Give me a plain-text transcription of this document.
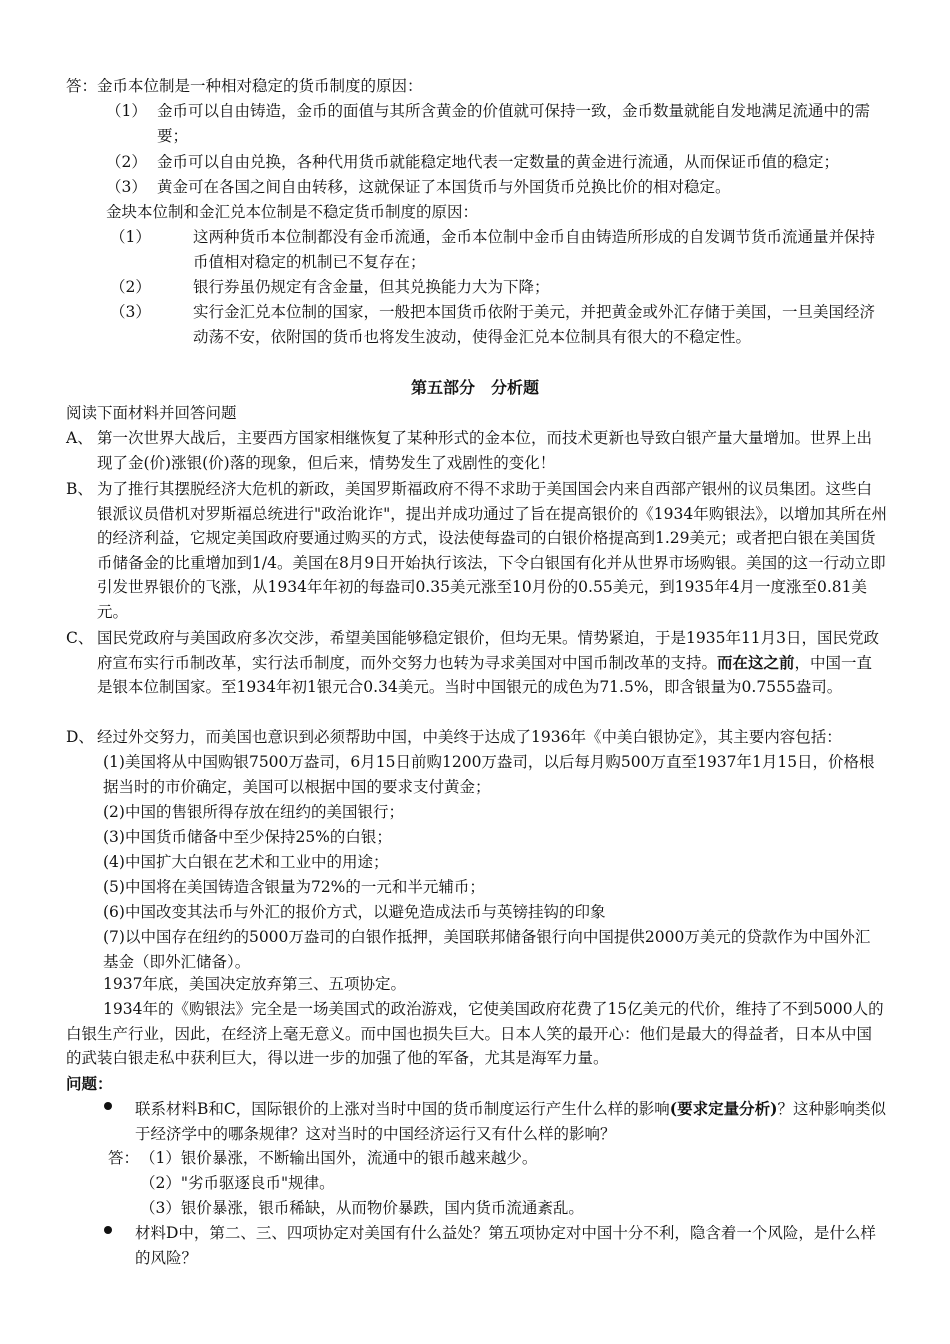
答：金币本位制是一种相对稳定的货币制度的原因：
（1） 金币可以自由铸造，金币的面值与其所含黄金的价值就可保持一致，金币数量就能自发地满足流通中的需要；
（2） 金币可以自由兑换，各种代用货币就能稳定地代表一定数量的黄金进行流通，从而保证币值的稳定；
（3） 黄金可在各国之间自由转移，这就保证了本国货币与外国货币兑换比价的相对稳定。
金块本位制和金汇兑本位制是不稳定货币制度的原因：
（1）	这两种货币本位制都没有金币流通，金币本位制中金币自由铸造所形成的自发调节货币流通量并保持币值相对稳定的机制已不复存在；
（2）	银行券虽仍规定有含金量，但其兑换能力大为下降；
（3）	实行金汇兑本位制的国家，一般把本国货币依附于美元，并把黄金或外汇存储于美国，一旦美国经济动荡不安，依附国的货币也将发生波动，使得金汇兑本位制具有很大的不稳定性。
第五部分　分析题
阅读下面材料并回答问题
A、 第一次世界大战后，主要西方国家相继恢复了某种形式的金本位，而技术更新也导致白银产量大量增加。世界上出现了金(价)涨银(价)落的现象，但后来，情势发生了戏剧性的变化！
B、 为了推行其摆脱经济大危机的新政，美国罗斯福政府不得不求助于美国国会内来自西部产银州的议员集团。这些白银派议员借机对罗斯福总统进行"政治讹诈"，提出并成功通过了旨在提高银价的《1934年购银法》，以增加其所在州的经济利益，它规定美国政府要通过购买的方式，设法使每盎司的白银价格提高到1.29美元；或者把白银在美国货币储备金的比重增加到1/4。美国在8月9日开始执行该法，下令白银国有化并从世界市场购银。美国的这一行动立即引发世界银价的飞涨，从1934年年初的每盎司0.35美元涨至10月份的0.55美元，到1935年4月一度涨至0.81美元。
C、 国民党政府与美国政府多次交涉，希望美国能够稳定银价，但均无果。情势紧迫，于是1935年11月3日，国民党政府宣布实行币制改革，实行法币制度，而外交努力也转为寻求美国对中国币制改革的支持。而在这之前，中国一直是银本位制国家。至1934年初1银元合0.34美元。当时中国银元的成色为71.5%，即含银量为0.7555盎司。
D、 经过外交努力，而美国也意识到必须帮助中国，中美终于达成了1936年《中美白银协定》，其主要内容包括：
(1)美国将从中国购银7500万盎司，6月15日前购1200万盎司，以后每月购500万直至1937年1月15日，价格根据当时的市价确定，美国可以根据中国的要求支付黄金；
(2)中国的售银所得存放在纽约的美国银行；
(3)中国货币储备中至少保持25%的白银；
(4)中国扩大白银在艺术和工业中的用途；
(5)中国将在美国铸造含银量为72%的一元和半元辅币；
(6)中国改变其法币与外汇的报价方式，以避免造成法币与英镑挂钩的印象
(7)以中国存在纽约的5000万盎司的白银作抵押，美国联邦储备银行向中国提供2000万美元的贷款作为中国外汇基金（即外汇储备）。
1937年底，美国决定放弃第三、五项协定。
1934年的《购银法》完全是一场美国式的政治游戏，它使美国政府花费了15亿美元的代价，维持了不到5000人的白银生产行业，因此，在经济上毫无意义。而中国也损失巨大。日本人笑的最开心：他们是最大的得益者，日本从中国的武装白银走私中获利巨大，得以进一步的加强了他的军备，尤其是海军力量。
问题：
联系材料B和C，国际银价的上涨对当时中国的货币制度运行产生什么样的影响(要求定量分析)？这种影响类似于经济学中的哪条规律？这对当时的中国经济运行又有什么样的影响？
答： （1）银价暴涨，不断输出国外，流通中的银币越来越少。
（2）"劣币驱逐良币"规律。
（3）银价暴涨，银币稀缺，从而物价暴跌，国内货币流通紊乱。
材料D中，第二、三、四项协定对美国有什么益处？第五项协定对中国十分不利，隐含着一个风险，是什么样的风险？
